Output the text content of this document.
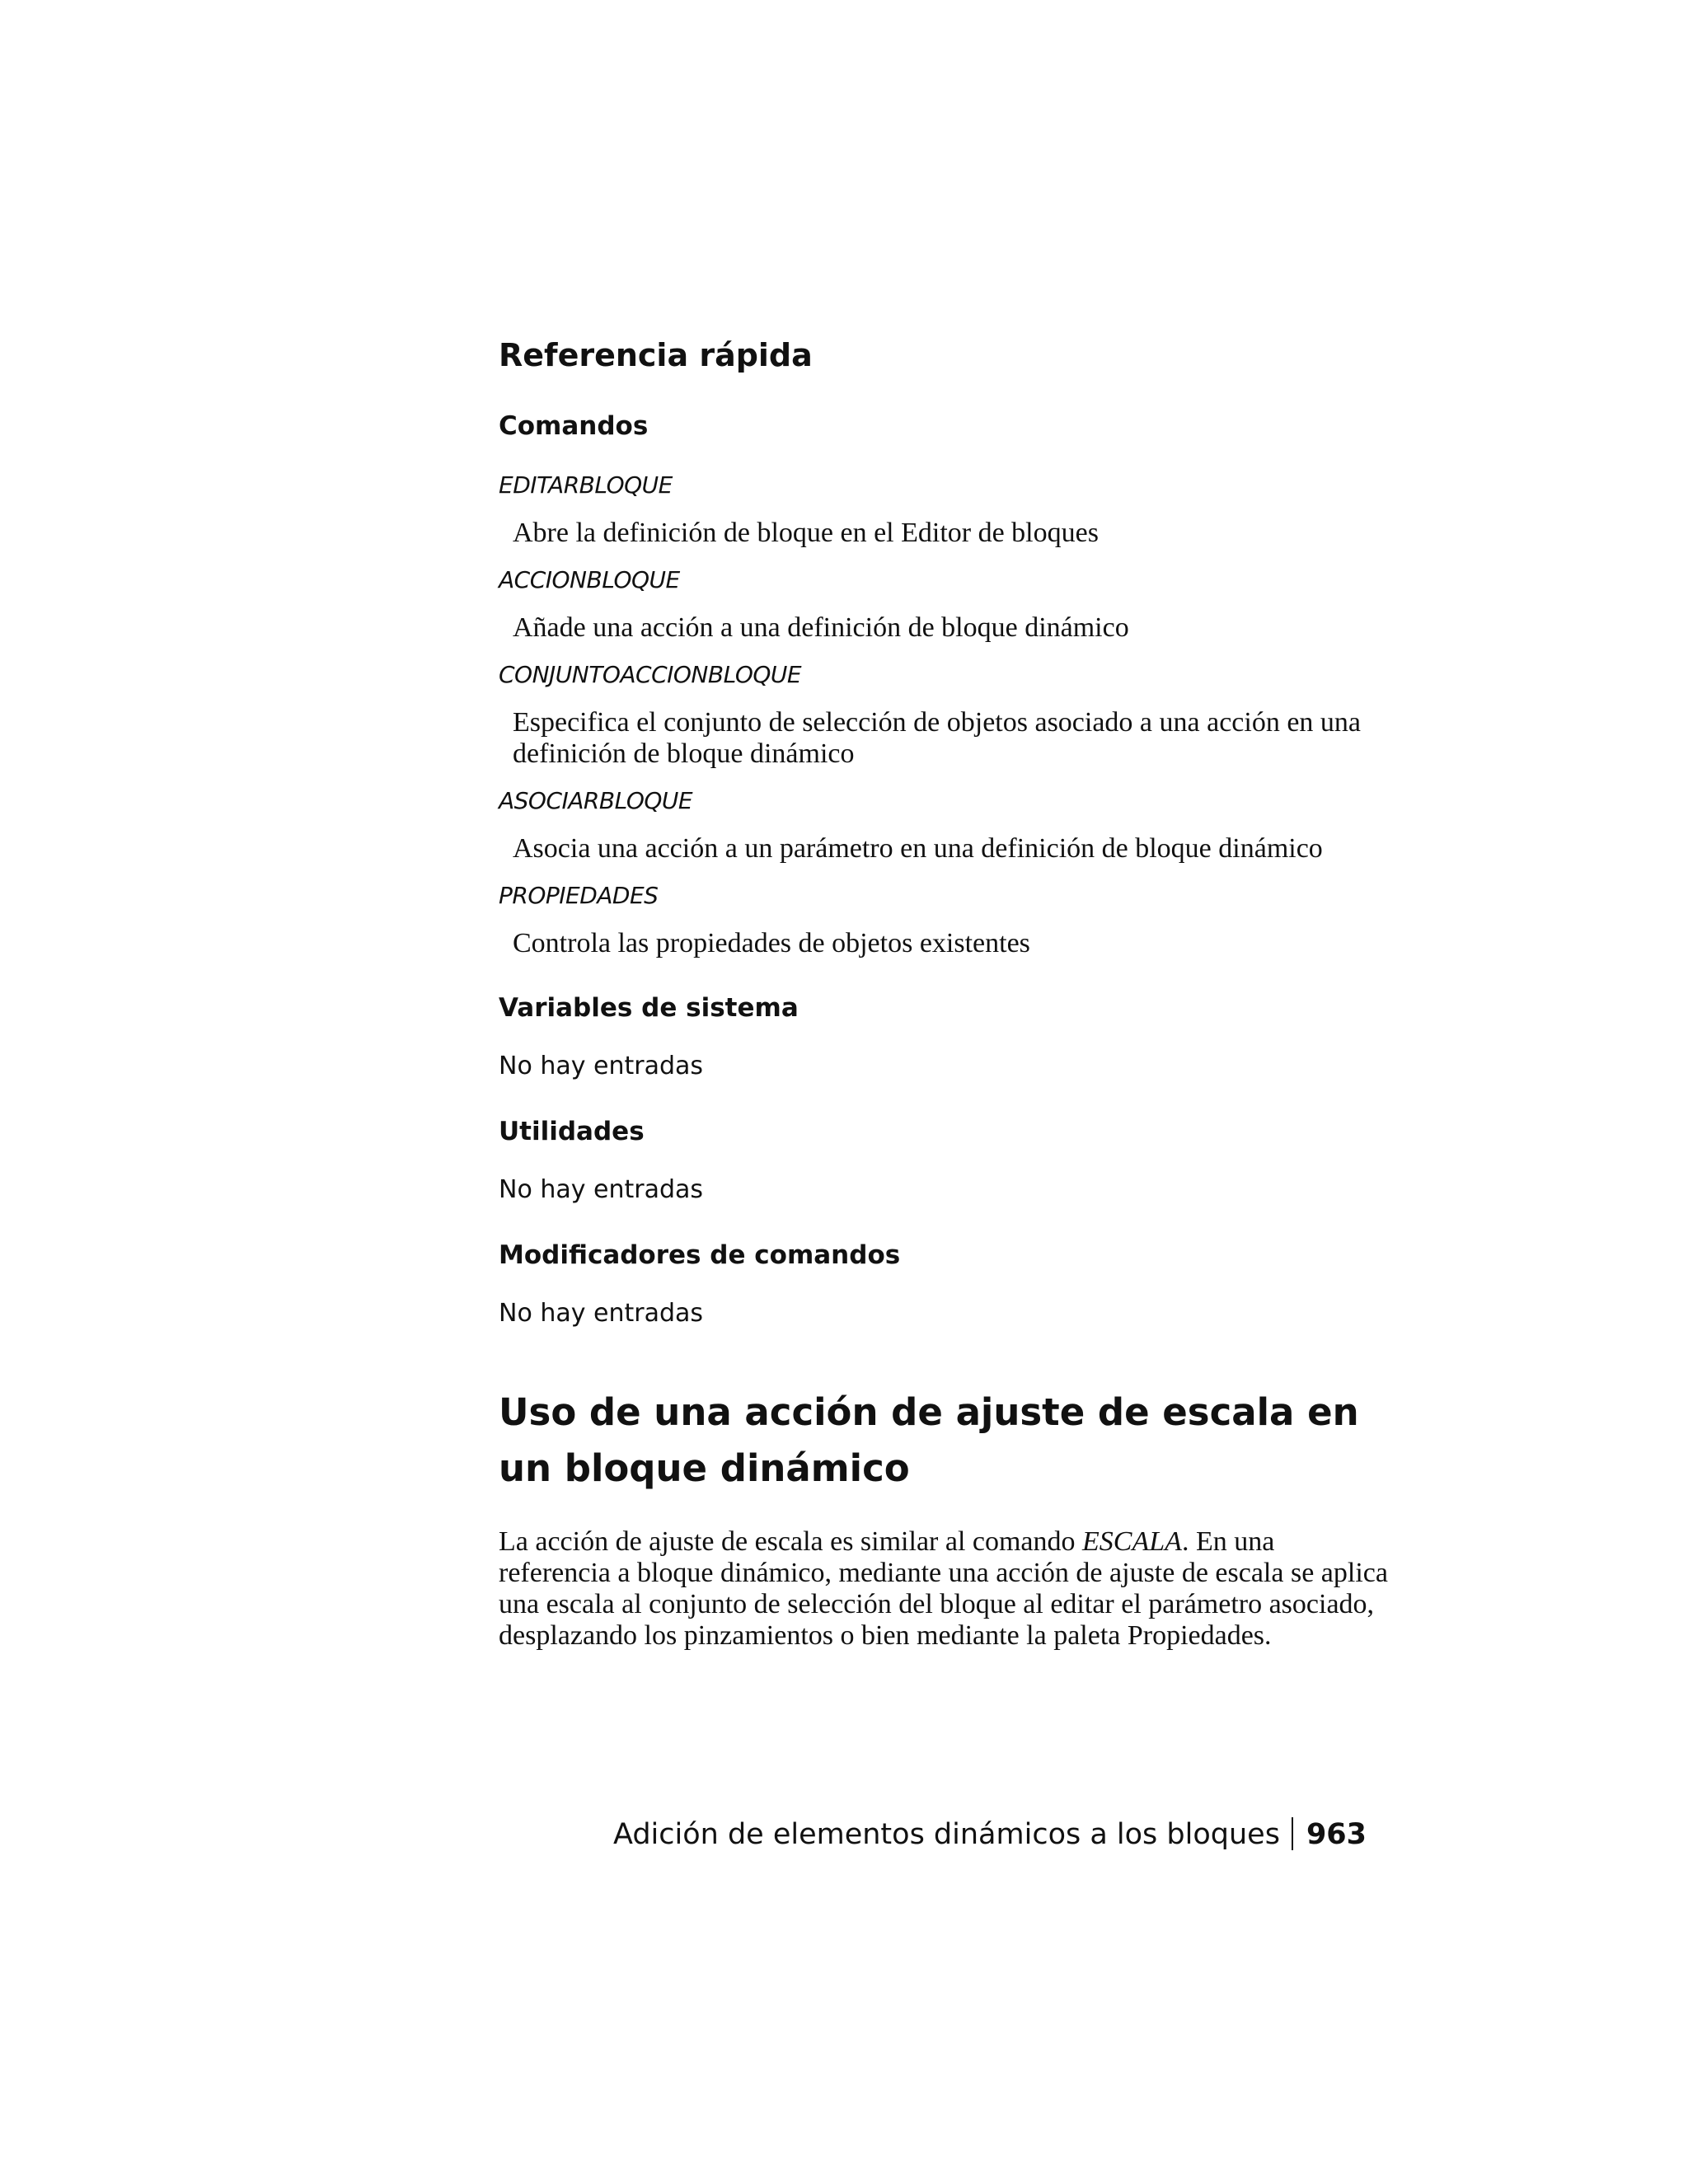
Referencia rápida
Comandos
EDITARBLOQUE
Abre la definición de bloque en el Editor de bloques
ACCIONBLOQUE
Añade una acción a una definición de bloque dinámico
CONJUNTOACCIONBLOQUE
Especifica el conjunto de selección de objetos asociado a una acción en una definición de bloque dinámico
ASOCIARBLOQUE
Asocia una acción a un parámetro en una definición de bloque dinámico
PROPIEDADES
Controla las propiedades de objetos existentes
Variables de sistema
No hay entradas
Utilidades
No hay entradas
Modificadores de comandos
No hay entradas
Uso de una acción de ajuste de escala en un bloque dinámico

La acción de ajuste de escala es similar al comando ESCALA. En una referencia a bloque dinámico, mediante una acción de ajuste de escala se aplica una escala al conjunto de selección del bloque al editar el parámetro asociado, desplazando los pinzamientos o bien mediante la paleta Propiedades.

Adición de elementos dinámicos a los bloques 963
